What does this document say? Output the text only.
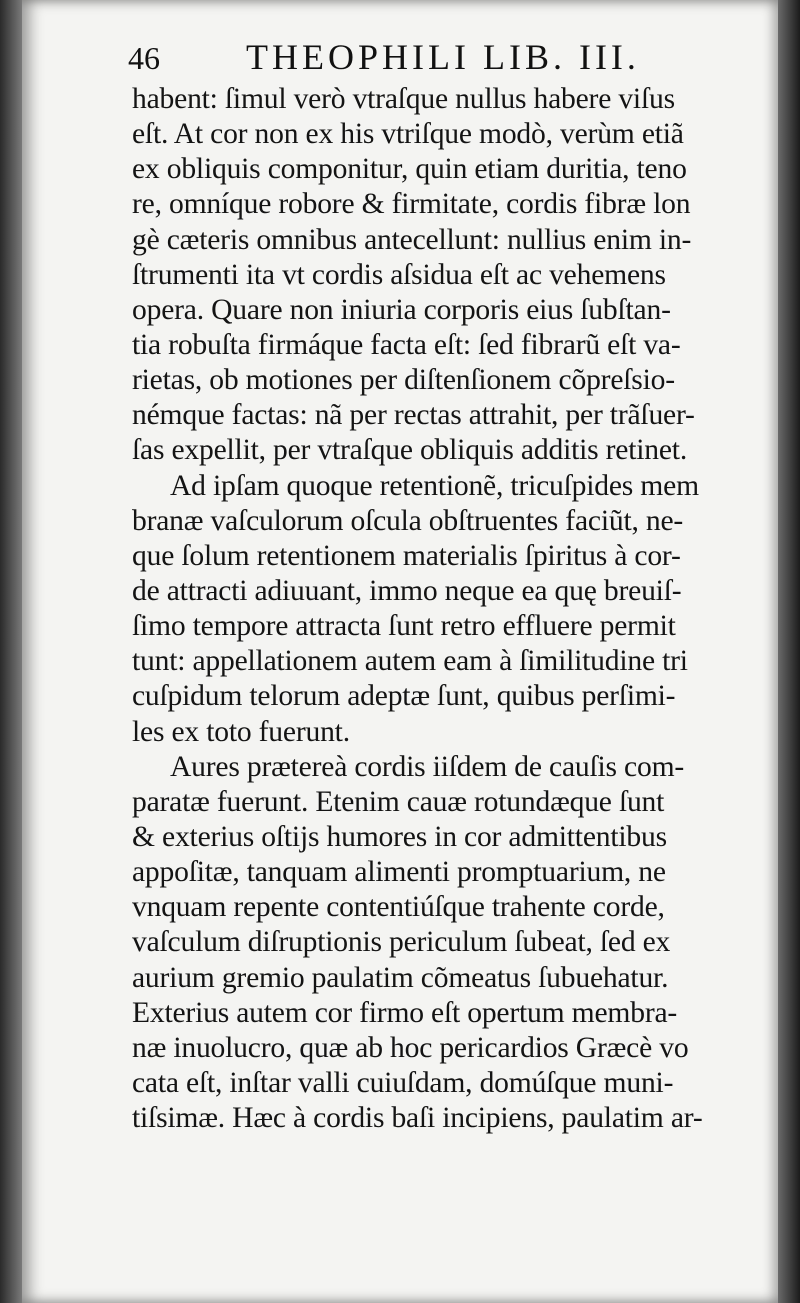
46 THEOPHILI LIB. III.
habent: ſimul verò vtraſque nullus habere viſus
eſt. At cor non ex his vtriſque modò, verùm etiã
ex obliquis componitur, quin etiam duritia, teno
re, omníque robore & firmitate, cordis fibræ lon
gè cæteris omnibus antecellunt: nullius enim in-
ſtrumenti ita vt cordis aſsidua eſt ac vehemens
opera. Quare non iniuria corporis eius ſubſtan-
tia robuſta firmáque facta eſt: ſed fibrarũ eſt va-
rietas, ob motiones per diſtenſionem cõpreſsio-
némque factas: nã per rectas attrahit, per trãſuer-
ſas expellit, per vtraſque obliquis additis retinet.
Ad ipſam quoque retentionẽ, tricuſpides mem
branæ vaſculorum oſcula obſtruentes faciũt, ne-
que ſolum retentionem materialis ſpiritus à cor-
de attracti adiuuant, immo neque ea quę breuiſ-
ſimo tempore attracta ſunt retro effluere permit
tunt: appellationem autem eam à ſimilitudine tri
cuſpidum telorum adeptæ ſunt, quibus perſimi-
les ex toto fuerunt.
Aures prætereà cordis iiſdem de cauſis com-
paratæ fuerunt. Etenim cauæ rotundæque ſunt
& exterius oſtijs humores in cor admittentibus
appoſitæ, tanquam alimenti promptuarium, ne
vnquam repente contentiúſque trahente corde,
vaſculum diſruptionis periculum ſubeat, ſed ex
aurium gremio paulatim cõmeatus ſubuehatur.
Exterius autem cor firmo eſt opertum membra-
næ inuolucro, quæ ab hoc pericardios Græcè vo
cata eſt, inſtar valli cuiuſdam, domúſque muni-
tiſsimæ. Hæc à cordis baſi incipiens, paulatim ar-
